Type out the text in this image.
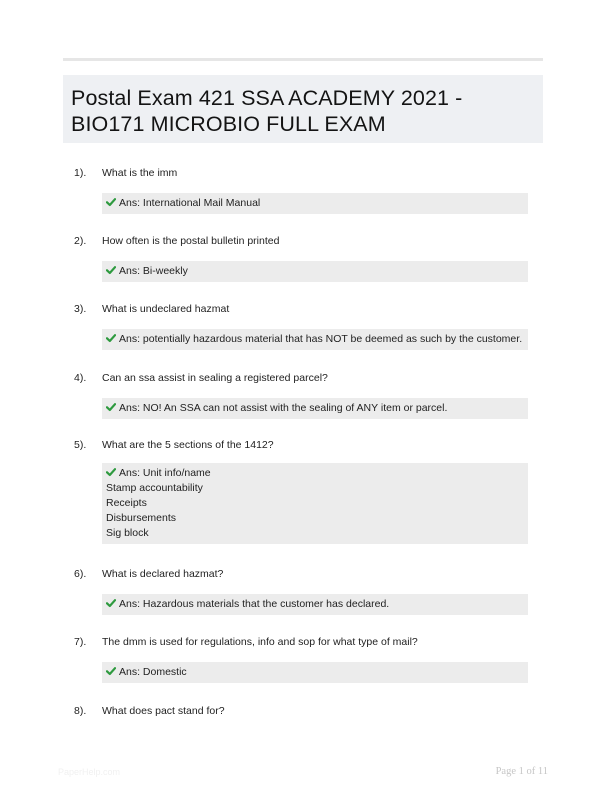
Postal Exam 421 SSA ACADEMY 2021 - BIO171 MICROBIO FULL EXAM
1).	What is the imm
Ans: International Mail Manual
2).	How often is the postal bulletin printed
Ans: Bi-weekly
3).	What is undeclared hazmat
Ans: potentially hazardous material that has NOT be deemed as such by the customer.
4).	Can an ssa assist in sealing a registered parcel?
Ans: NO! An SSA can not assist with the sealing of ANY item or parcel.
5).	What are the 5 sections of the 1412?
Ans: Unit info/name
Stamp accountability
Receipts
Disbursements
Sig block
6).	What is declared hazmat?
Ans: Hazardous materials that the customer has declared.
7).	The dmm is used for regulations, info and sop for what type of mail?
Ans: Domestic
8).	What does pact stand for?
PaperHelp.com	Page 1 of 11
